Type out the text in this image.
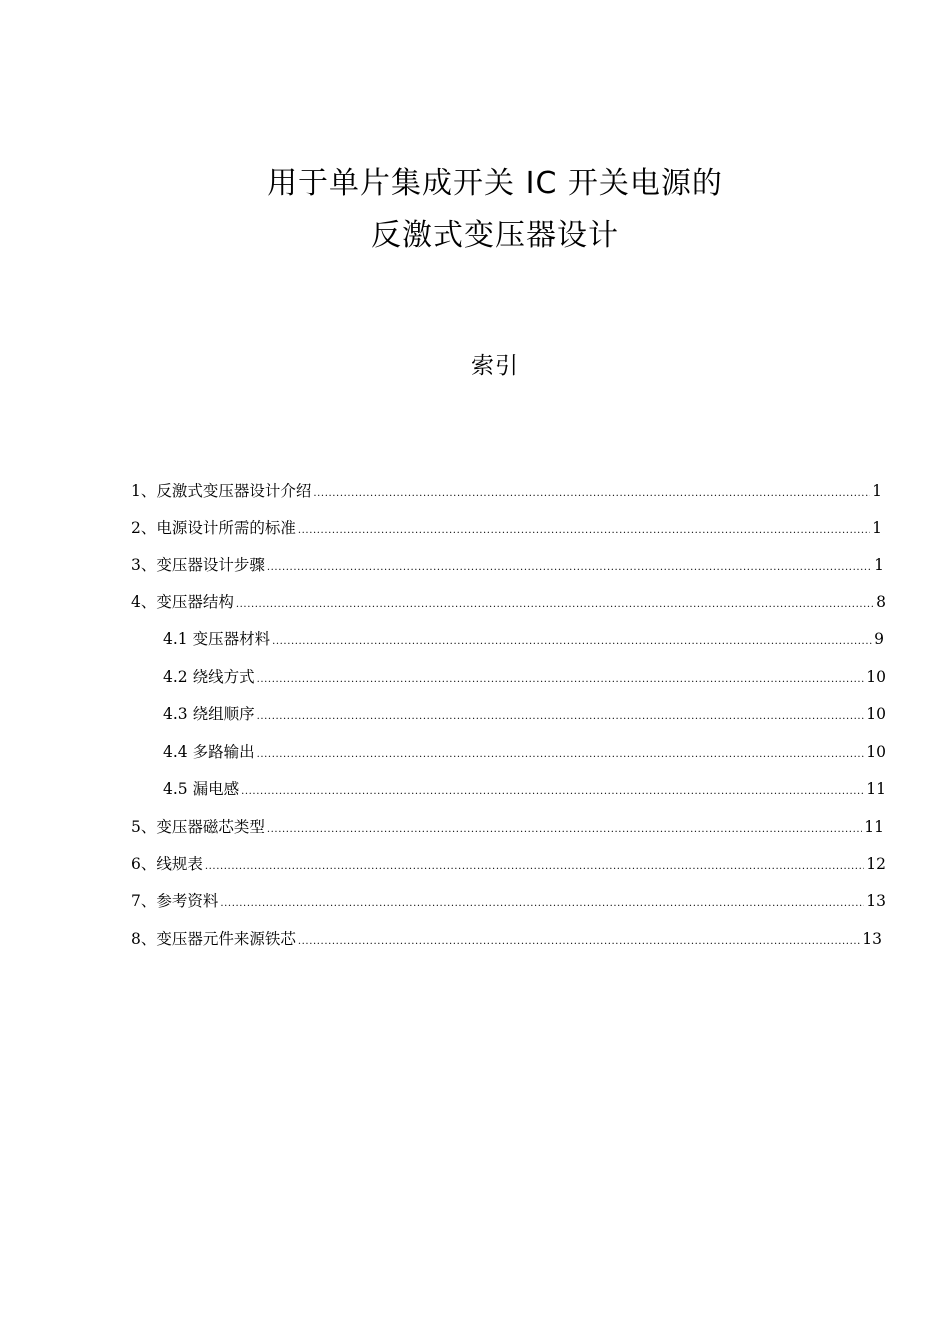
用于单片集成开关 IC 开关电源的
反激式变压器设计
索引
1、反激式变压器设计介绍 .....	1
2、电源设计所需的标准 .....	1
3、变压器设计步骤 .....	1
4、变压器结构 .....	8
4.1 变压器材料 .....	9
4.2 绕线方式 .....	10
4.3 绕组顺序 .....	10
4.4 多路输出 .....	10
4.5 漏电感 .....	11
5、变压器磁芯类型 .....	11
6、线规表 .....	12
7、参考资料 .....	13
8、变压器元件来源铁芯 .....	13
